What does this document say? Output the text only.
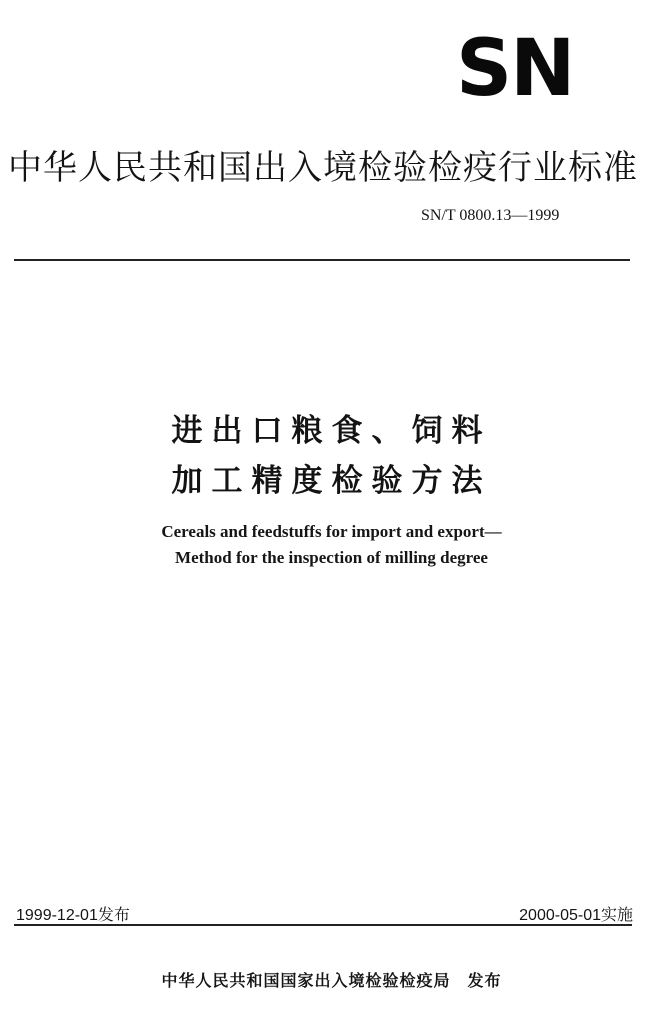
SN
中华人民共和国出入境检验检疫行业标准
SN/T 0800.13—1999
进出口粮食、饲料
加工精度检验方法
Cereals and feedstuffs for import and export—
Method for the inspection of milling degree
1999-12-01发布	2000-05-01实施
中华人民共和国国家出入境检验检疫局　发布
